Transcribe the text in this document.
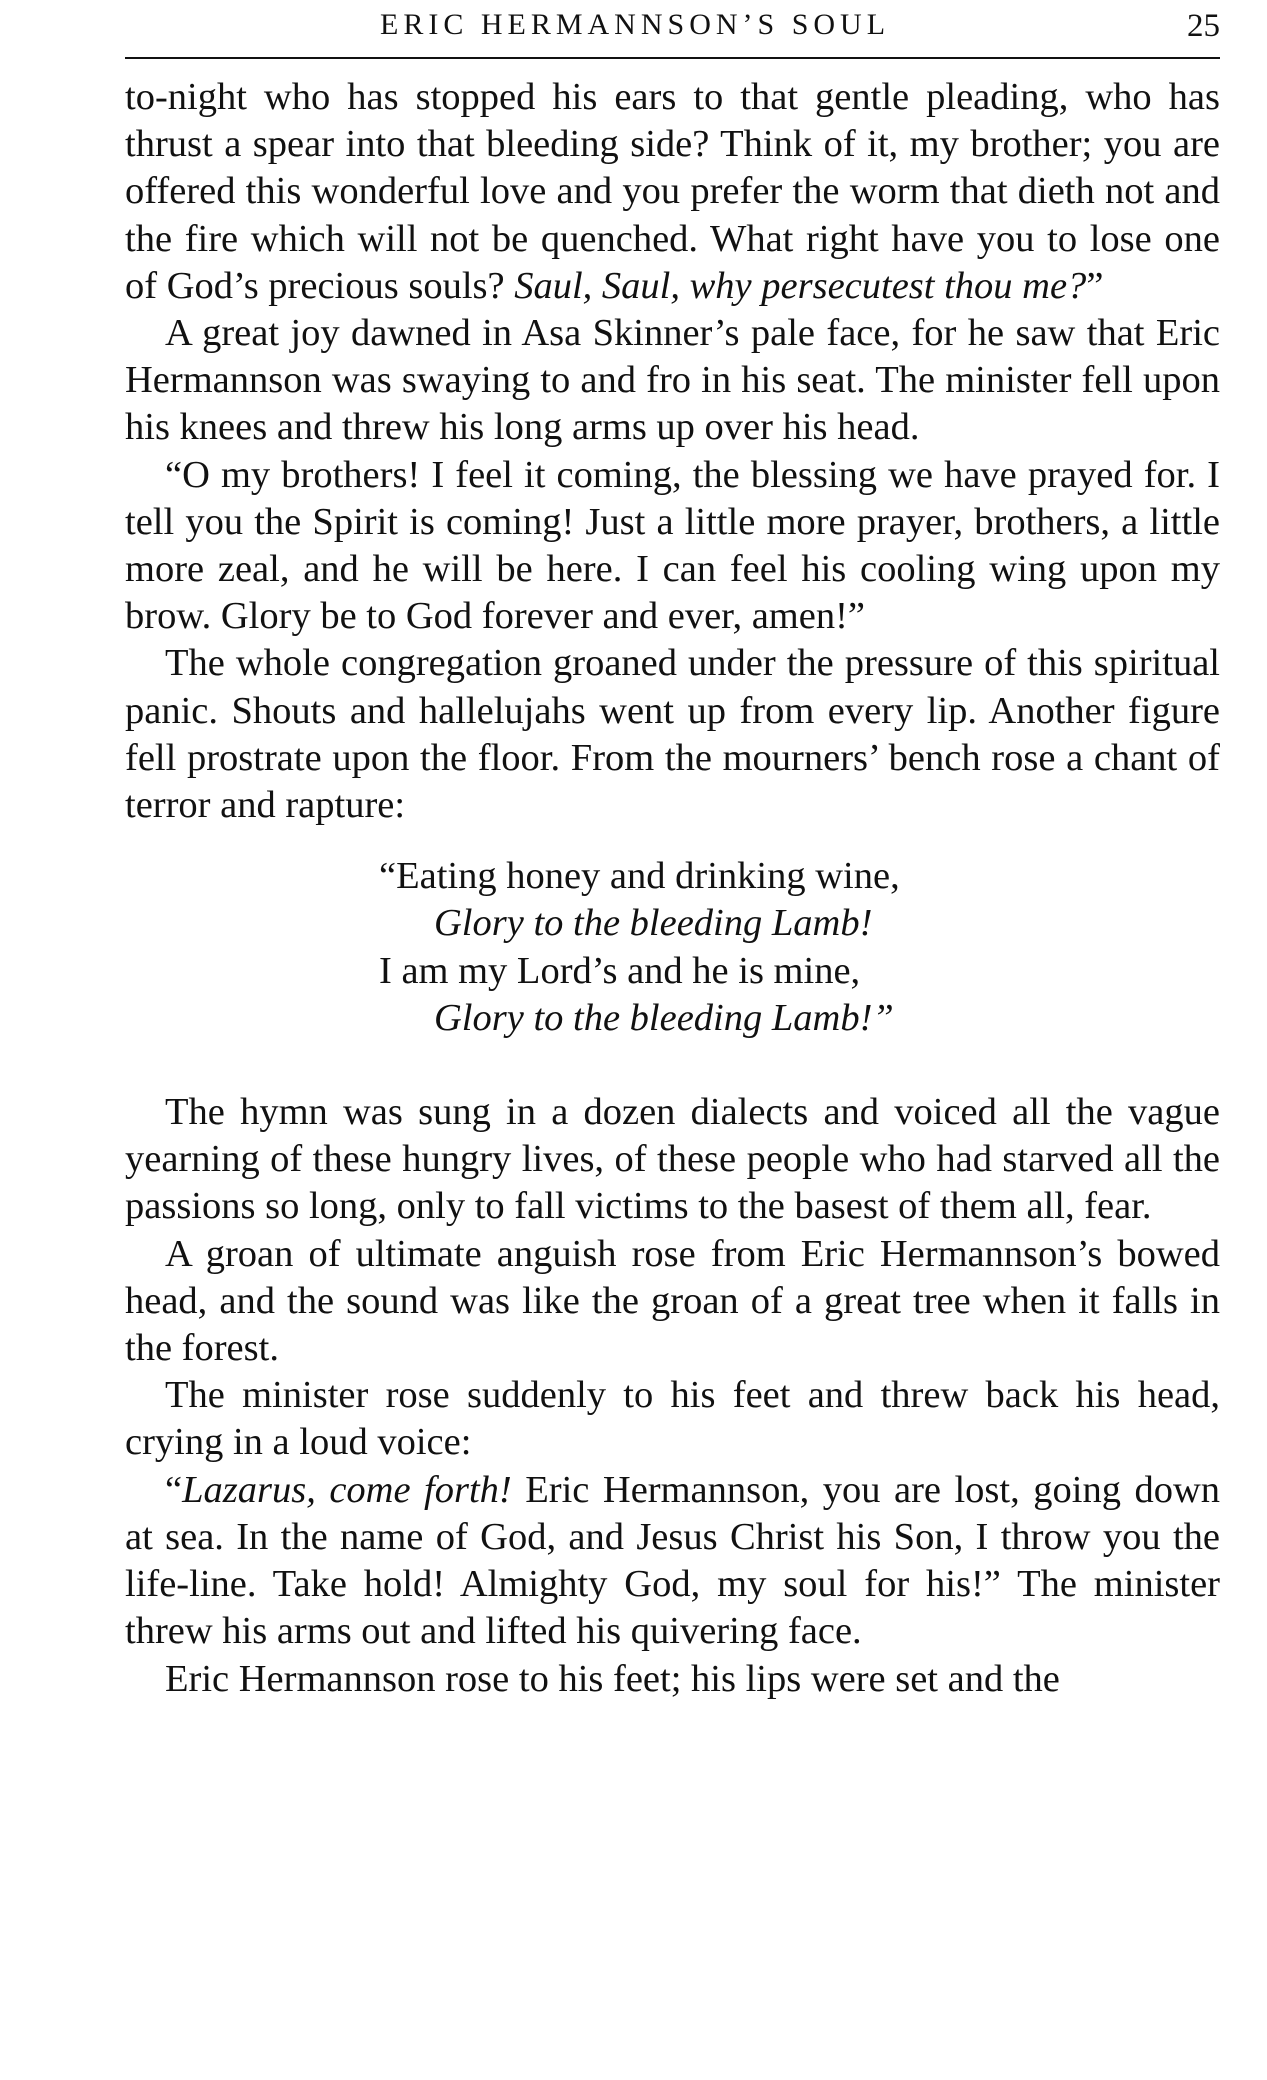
ERIC HERMANNSON’S SOUL	25

to-night who has stopped his ears to that gentle pleading, who has thrust a spear into that bleeding side? Think of it, my brother; you are offered this wonderful love and you prefer the worm that dieth not and the fire which will not be quenched. What right have you to lose one of God’s precious souls? Saul, Saul, why persecutest thou me?”

A great joy dawned in Asa Skinner’s pale face, for he saw that Eric Hermannson was swaying to and fro in his seat. The minister fell upon his knees and threw his long arms up over his head.

“O my brothers! I feel it coming, the blessing we have prayed for. I tell you the Spirit is coming! Just a little more prayer, brothers, a little more zeal, and he will be here. I can feel his cooling wing upon my brow. Glory be to God forever and ever, amen!”

The whole congregation groaned under the pressure of this spiritual panic. Shouts and hallelujahs went up from every lip. Another figure fell prostrate upon the floor. From the mourners’ bench rose a chant of terror and rapture:

“Eating honey and drinking wine,
Glory to the bleeding Lamb!
I am my Lord’s and he is mine,
Glory to the bleeding Lamb!”

The hymn was sung in a dozen dialects and voiced all the vague yearning of these hungry lives, of these people who had starved all the passions so long, only to fall victims to the basest of them all, fear.

A groan of ultimate anguish rose from Eric Hermannson’s bowed head, and the sound was like the groan of a great tree when it falls in the forest.

The minister rose suddenly to his feet and threw back his head, crying in a loud voice:

“Lazarus, come forth! Eric Hermannson, you are lost, going down at sea. In the name of God, and Jesus Christ his Son, I throw you the life-line. Take hold! Almighty God, my soul for his!” The minister threw his arms out and lifted his quivering face.

Eric Hermannson rose to his feet; his lips were set and the
